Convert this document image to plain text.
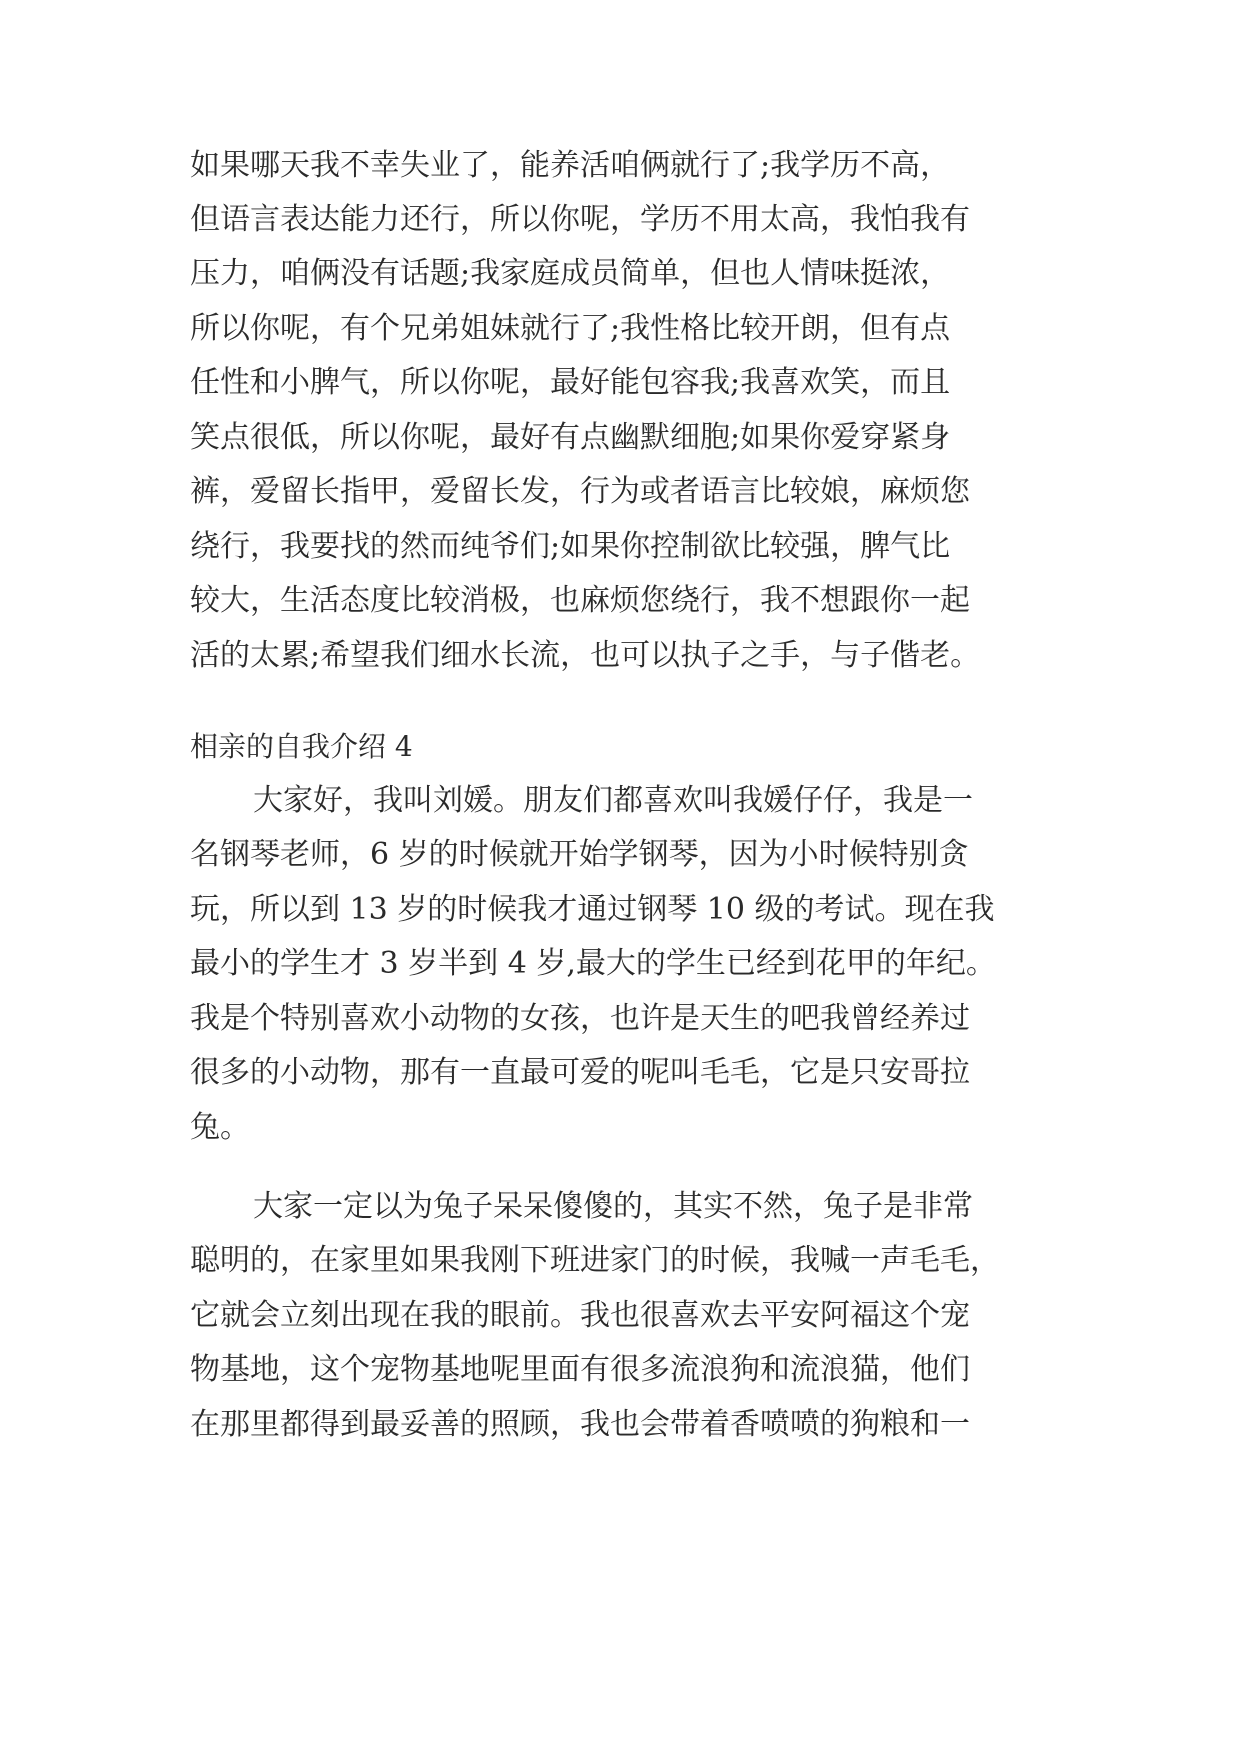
如果哪天我不幸失业了，能养活咱俩就行了;我学历不高，
但语言表达能力还行，所以你呢，学历不用太高，我怕我有
压力，咱俩没有话题;我家庭成员简单，但也人情味挺浓，
所以你呢，有个兄弟姐妹就行了;我性格比较开朗，但有点
任性和小脾气，所以你呢，最好能包容我;我喜欢笑，而且
笑点很低，所以你呢，最好有点幽默细胞;如果你爱穿紧身
裤，爱留长指甲，爱留长发，行为或者语言比较娘，麻烦您
绕行，我要找的然而纯爷们;如果你控制欲比较强，脾气比
较大，生活态度比较消极，也麻烦您绕行，我不想跟你一起
活的太累;希望我们细水长流，也可以执子之手，与子偕老。
相亲的自我介绍 4
大家好，我叫刘媛。朋友们都喜欢叫我媛仔仔，我是一
名钢琴老师，6 岁的时候就开始学钢琴，因为小时候特别贪
玩，所以到 13 岁的时候我才通过钢琴 10 级的考试。现在我
最小的学生才 3 岁半到 4 岁,最大的学生已经到花甲的年纪。
我是个特别喜欢小动物的女孩，也许是天生的吧我曾经养过
很多的小动物，那有一直最可爱的呢叫毛毛，它是只安哥拉
兔。
大家一定以为兔子呆呆傻傻的，其实不然，兔子是非常
聪明的，在家里如果我刚下班进家门的时候，我喊一声毛毛，
它就会立刻出现在我的眼前。我也很喜欢去平安阿福这个宠
物基地，这个宠物基地呢里面有很多流浪狗和流浪猫，他们
在那里都得到最妥善的照顾，我也会带着香喷喷的狗粮和一
